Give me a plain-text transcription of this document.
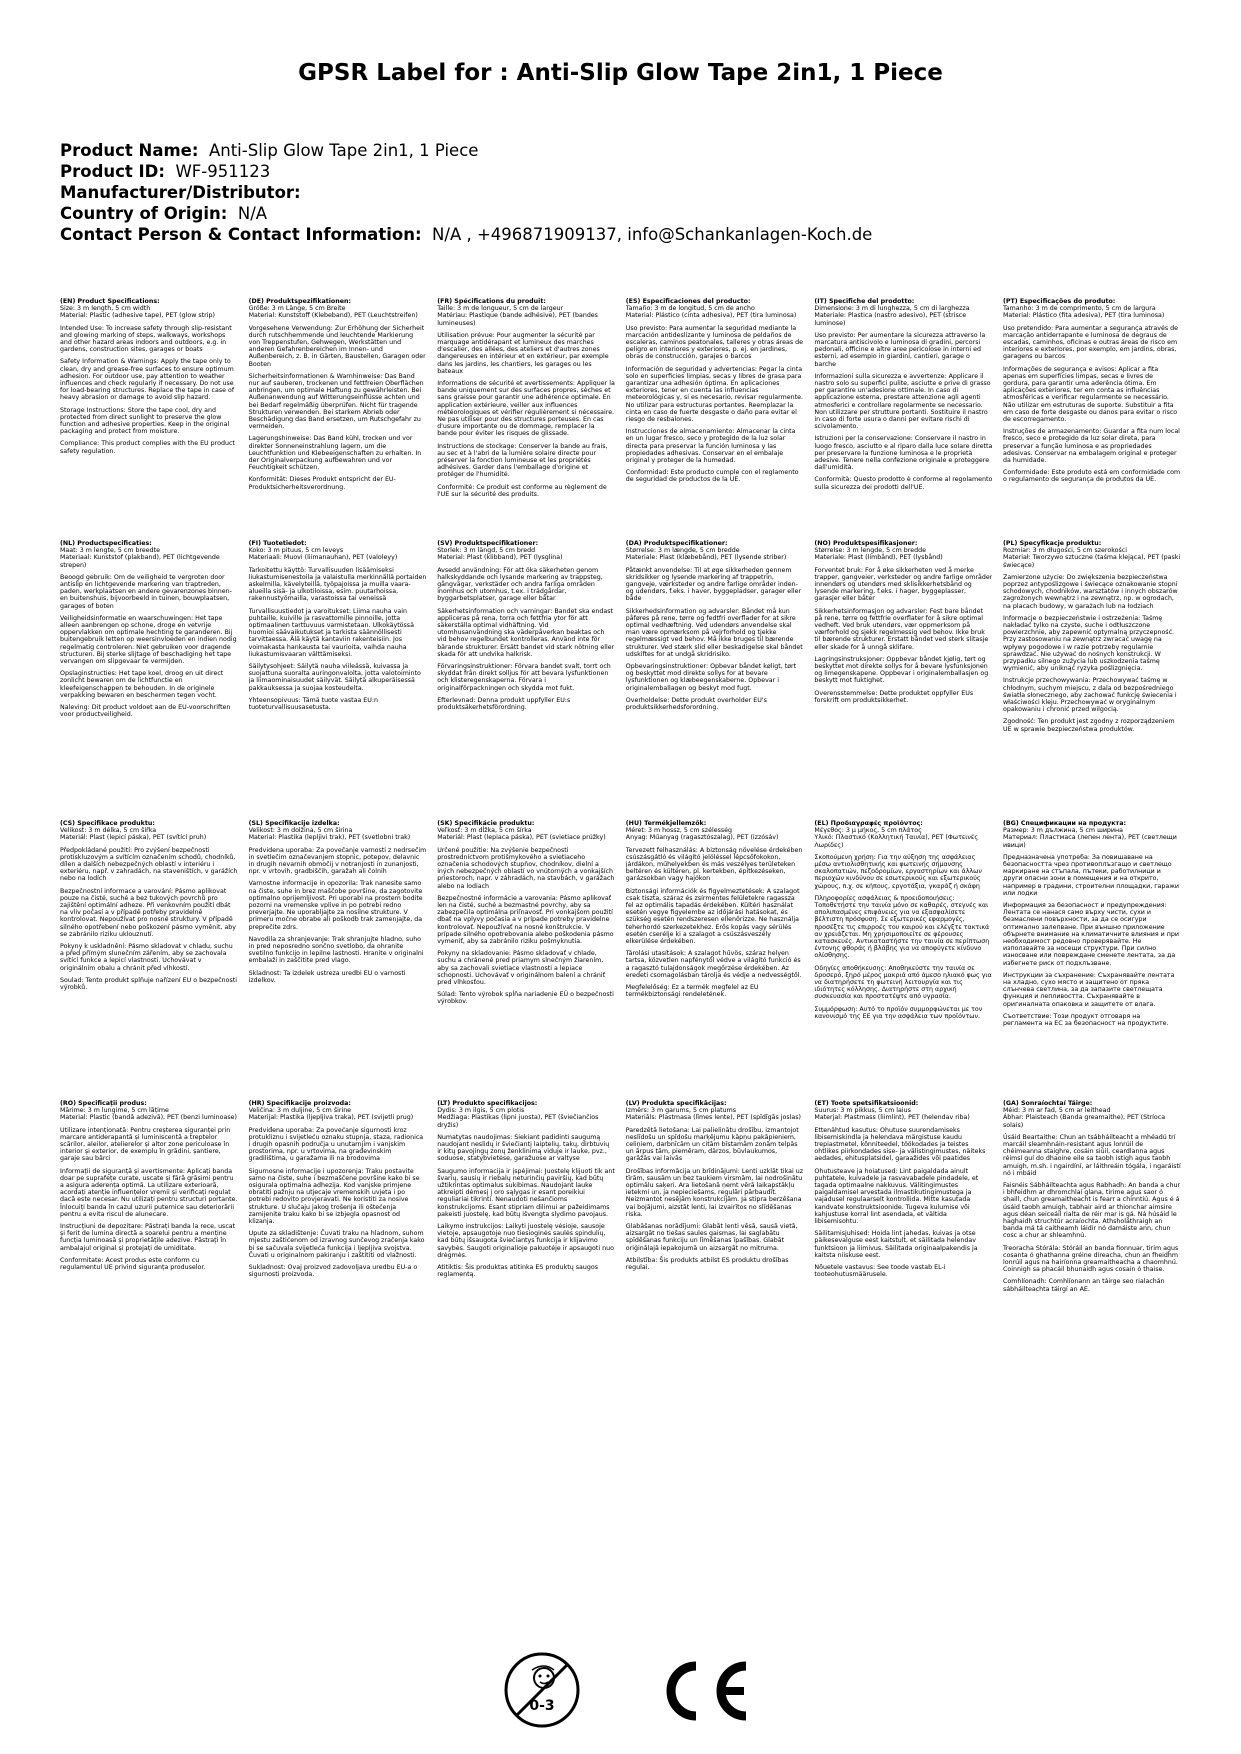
GPSR Label for : Anti-Slip Glow Tape 2in1, 1 Piece
Product Name: Anti-Slip Glow Tape 2in1, 1 Piece
Product ID: WF-951123
Manufacturer/Distributor:
Country of Origin: N/A
Contact Person & Contact Information: N/A , +496871909137, info@Schankanlagen-Koch.de

(EN) Product Specifications:

Size: 3 m length, 5 cm width

Material: Plastic (adhesive tape), PET (glow strip)

Intended Use: To increase safety through slip-resistant and glowing marking of steps, walkways, workshops and other hazard areas indoors and outdoors, e.g. in gardens, construction sites, garages or boats

Safety Information & Warnings: Apply the tape only to clean, dry and grease-free surfaces to ensure optimum adhesion. For outdoor use, pay attention to weather influences and check regularly if necessary. Do not use for load-bearing structures. Replace the tape in case of heavy abrasion or damage to avoid slip hazard.

Storage Instructions: Store the tape cool, dry and protected from direct sunlight to preserve the glow function and adhesive properties. Keep in the original packaging and protect from moisture.

Compliance: This product complies with the EU product safety regulation.

(DE) Produktspezifikationen:

Größe: 3 m Länge, 5 cm Breite

Material: Kunststoff (Klebeband), PET (Leuchtstreifen)

Vorgesehene Verwendung: Zur Erhöhung der Sicherheit durch rutschhemmende und leuchtende Markierung von Treppenstufen, Gehwegen, Werkstätten und anderen Gefahrenbereichen im Innen- und Außenbereich, z. B. in Gärten, Baustellen, Garagen oder Booten

Sicherheitsinformationen & Warnhinweise: Das Band nur auf sauberen, trockenen und fettfreien Oberflächen anbringen, um optimale Haftung zu gewährleisten. Bei Außenanwendung auf Witterungseinflüsse achten und bei Bedarf regelmäßig überprüfen. Nicht für tragende Strukturen verwenden. Bei starkem Abrieb oder Beschädigung das Band ersetzen, um Rutschgefahr zu vermeiden.

Lagerungshinweise: Das Band kühl, trocken und vor direkter Sonneneinstrahlung lagern, um die Leuchtfunktion und Klebeeigenschaften zu erhalten. In der Originalverpackung aufbewahren und vor Feuchtigkeit schützen.

Konformität: Dieses Produkt entspricht der EU-Produktsicherheitsverordnung.

(FR) Spécifications du produit:

Taille: 3 m de longueur, 5 cm de largeur

Matériau: Plastique (bande adhésive), PET (bandes lumineuses)

Utilisation prévue: Pour augmenter la sécurité par marquage antidérapant et lumineux des marches d'escalier, des allées, des ateliers et d'autres zones dangereuses en intérieur et en extérieur, par exemple dans les jardins, les chantiers, les garages ou les bateaux

Informations de sécurité et avertissements: Appliquer la bande uniquement sur des surfaces propres, sèches et sans graisse pour garantir une adhérence optimale. En application extérieure, veiller aux influences météorologiques et vérifier régulièrement si nécessaire. Ne pas utiliser pour des structures porteuses. En cas d'usure importante ou de dommage, remplacer la bande pour éviter les risques de glissade.

Instructions de stockage: Conserver la bande au frais, au sec et à l'abri de la lumière solaire directe pour préserver la fonction lumineuse et les propriétés adhésives. Garder dans l'emballage d'origine et protéger de l'humidité.

Conformité: Ce produit est conforme au règlement de l'UE sur la sécurité des produits.

(ES) Especificaciones del producto:

Tamaño: 3 m de longitud, 5 cm de ancho

Material: Plástico (cinta adhesiva), PET (tira luminosa)

Uso previsto: Para aumentar la seguridad mediante la marcación antideslizante y luminosa de peldaños de escaleras, caminos peatonales, talleres y otras áreas de peligro en interiores y exteriores, p. ej. en jardines, obras de construcción, garajes o barcos

Información de seguridad y advertencias: Pegar la cinta solo en superficies limpias, secas y libres de grasa para garantizar una adhesión óptima. En aplicaciones exteriores, tener en cuenta las influencias meteorológicas y, si es necesario, revisar regularmente. No utilizar para estructuras portantes. Reemplazar la cinta en caso de fuerte desgaste o daño para evitar el riesgo de resbalones.

Instrucciones de almacenamiento: Almacenar la cinta en un lugar fresco, seco y protegido de la luz solar directa para preservar la función luminosa y las propiedades adhesivas. Conservar en el embalaje original y proteger de la humedad.

Conformidad: Este producto cumple con el reglamento de seguridad de productos de la UE.

(IT) Specifiche del prodotto:

Dimensione: 3 m di lunghezza, 5 cm di larghezza

Materiale: Plastica (nastro adesivo), PET (strisce luminose)

Uso previsto: Per aumentare la sicurezza attraverso la marcatura antiscivolo e luminosa di gradini, percorsi pedonali, officine e altre aree pericolose in interni ed esterni, ad esempio in giardini, cantieri, garage o barche

Informazioni sulla sicurezza e avvertenze: Applicare il nastro solo su superfici pulite, asciutte e prive di grasso per garantire un'adesione ottimale. In caso di applicazione esterna, prestare attenzione agli agenti atmosferici e controllare regolarmente se necessario. Non utilizzare per strutture portanti. Sostituire il nastro in caso di forte usura o danni per evitare rischi di scivolamento.

Istruzioni per la conservazione: Conservare il nastro in luogo fresco, asciutto e al riparo dalla luce solare diretta per preservare la funzione luminosa e le proprietà adesive. Tenere nella confezione originale e proteggere dall'umidità.

Conformità: Questo prodotto è conforme al regolamento sulla sicurezza dei prodotti dell'UE.

(PT) Especificações do produto:

Tamanho: 3 m de comprimento, 5 cm de largura

Material: Plástico (fita adesiva), PET (tira luminosa)

Uso pretendido: Para aumentar a segurança através de marcação antiderrapante e luminosa de degraus de escadas, caminhos, oficinas e outras áreas de risco em interiores e exteriores, por exemplo, em jardins, obras, garagens ou barcos

Informações de segurança e avisos: Aplicar a fita apenas em superfícies limpas, secas e livres de gordura, para garantir uma aderência ótima. Em aplicações exteriores, ter em conta as influências atmosféricas e verificar regularmente se necessário. Não utilizar em estruturas de suporte. Substituir a fita em caso de forte desgaste ou danos para evitar o risco de escorregamento.

Instruções de armazenamento: Guardar a fita num local fresco, seco e protegido da luz solar direta, para preservar a função luminosa e as propriedades adesivas. Conservar na embalagem original e proteger da humidade.

Conformidade: Este produto está em conformidade com o regulamento de segurança de produtos da UE.

(NL) Productspecificaties:

Maat: 3 m lengte, 5 cm breedte

Materiaal: Kunststof (plakband), PET (lichtgevende strepen)

Beoogd gebruik: Om de veiligheid te vergroten door antislip en lichtgevende markering van traptreden, paden, werkplaatsen en andere gevarenzones binnen- en buitenshuis, bijvoorbeeld in tuinen, bouwplaatsen, garages of boten

Veiligheidsinformatie en waarschuwingen: Het tape alleen aanbrengen op schone, droge en vetvrije oppervlakken om optimale hechting te garanderen. Bij buitengebruik letten op weersinvloeden en indien nodig regelmatig controleren. Niet gebruiken voor dragende structuren. Bij sterke slijtage of beschadiging het tape vervangen om slipgevaar te vermijden.

Opslaginstructies: Het tape koel, droog en uit direct zonlicht bewaren om de lichtfunctie en kleefeigenschappen te behouden. In de originele verpakking bewaren en beschermen tegen vocht.

Naleving: Dit product voldoet aan de EU-voorschriften voor productveiligheid.

(FI) Tuotetiedot:

Koko: 3 m pituus, 5 cm leveys

Materiaali: Muovi (liimanauhan), PET (valoleyy)

Tarkoitettu käyttö: Turvallisuuden lisäämiseksi liukastumisenestoila ja valaistulla merkinnällä portaiden askelmilla, kävelyteillä, työpajoissa ja muilla vaara-alueilla sisä- ja ulkotiloissa, esim. puutarhoissa, rakennustyömailla, varastoissa tai veneissä

Turvallisuustiedot ja varoitukset: Liima nauha vain puhtaille, kuiville ja rasvattomille pinnoille, jotta optimaalinen tarttuvuus varmistetaan. Ulkokäytössä huomioi säävaikutukset ja tarkista säännöllisesti tarvittaessa. Älä käytä kantaviin rakenteisiin. Jos voimakasta hankausta tai vaurioita, vaihda nauha liukastumisvaaran välttämiseksi.

Säilytysohjeet: Säilytä nauha viileässä, kuivassa ja suojattuna suoralta auringonvalolta, jotta valotoiminto ja liimaominaisuudet säilyvät. Säilytä alkuperäisessä pakkauksessa ja suojaa kosteudelta.

Yhteensopivuus: Tämä tuote vastaa EU:n tuoteturvallisuusasetusta.

(SV) Produktspecifikationer:

Storlek: 3 m längd, 5 cm bredd

Material: Plast (klibband), PET (lysglina)

Avsedd användning: För att öka säkerheten genom halkskyddande och lysande markering av trappsteg, gångvägar, verkstäder och andra farliga områden inomhus och utomhus, t.ex. i trädgårdar, byggarbetsplatser, garage eller båtar

Säkerhetsinformation och varningar: Bandet ska endast appliceras på rena, torra och fettfria ytor för att säkerställa optimal vidhäftning. Vid utomhusanvändning ska väderpåverkan beaktas och vid behov regelbundet kontrolleras. Använd inte för bärande strukturer. Ersätt bandet vid stark nötning eller skada för att undvika halkrisk.

Förvaringsinstruktioner: Förvara bandet svalt, torrt och skyddat från direkt solljus för att bevara lysfunktionen och klisteregenskaperna. Förvara i originalförpackningen och skydda mot fukt.

Efterlevnad: Denna produkt uppfyller EU:s produktsäkerhetsförordning.

(DA) Produktspecifikationer:

Størrelse: 3 m længde, 5 cm bredde

Materiale: Plast (klæbebånd), PET (lysende striber)

Påtænkt anvendelse: Til at øge sikkerheden gennem skridsikker og lysende markering af trappetrin, gangveje, værksteder og andre farlige områder inden- og udendørs, f.eks. i haver, byggepladser, garager eller både

Sikkerhedsinformation og advarsler: Båndet må kun påføres på rene, tørre og fedtfri overflader for at sikre optimal vedhæftning. Ved udendørs anvendelse skal man være opmærksom på vejrforhold og tjekke regelmæssigt ved behov. Må ikke bruges til bærende strukturer. Ved stærk slid eller beskadigelse skal båndet udskiftes for at undgå skridrisiko.

Opbevaringsinstruktioner: Opbevar båndet køligt, tørt og beskyttet mod direkte sollys for at bevare lysfunktionen og klæbeegenskaberne. Opbevar i originalemballagen og beskyt mod fugt.

Overholdelse: Dette produkt overholder EU's produktsikkerhedsforordning.

(NO) Produktspesifikasjoner:

Størrelse: 3 m lengde, 5 cm bredde

Materiale: Plast (limbånd), PET (lysbånd)

Forventet bruk: For å øke sikkerheten ved å merke trapper, gangveier, verksteder og andre farlige områder innendørs og utendørs med sklisikkerhetsbånd og lysende markering, f.eks. i hager, byggeplasser, garasjer eller båter

Sikkerhetsinformasjon og advarsler: Fest bare båndet på rene, tørre og fettfrie overflater for å sikre optimal vedheft. Ved bruk utendørs, vær oppmerksom på værforhold og sjekk regelmessig ved behov. Ikke bruk til bærende strukturer. Erstatt båndet ved sterk slitasje eller skade for å unngå sklifare.

Lagringsinstruksjoner: Oppbevar båndet kjølig, tørt og beskyttet mot direkte sollys for å bevare lysfunksjonen og limegenskapene. Oppbevar i originalemballasjen og beskytt mot fuktighet.

Overensstemmelse: Dette produktet oppfyller EUs forskrift om produktsikkerhet.

(PL) Specyfikacje produktu:

Rozmiar: 3 m długości, 5 cm szerokości

Materiał: Tworzywo sztuczne (taśma klejąca), PET (paski świecące)

Zamierzone użycie: Do zwiększenia bezpieczeństwa poprzez antypoślizgowe i świecące oznakowanie stopni schodowych, chodników, warsztatów i innych obszarów zagrożonych wewnątrz i na zewnątrz, np. w ogrodach, na placach budowy, w garażach lub na łodziach

Informacje o bezpieczeństwie i ostrzeżenia: Taśmę nakładać tylko na czyste, suche i odtłuszczone powierzchnie, aby zapewnić optymalną przyczepność. Przy zastosowaniu na zewnątrz zwracać uwagę na wpływy pogodowe i w razie potrzeby regularnie sprawdzać. Nie używać do nośnych konstrukcji. W przypadku silnego zużycia lub uszkodzenia taśmę wymienić, aby uniknąć ryzyka poślizgnięcia.

Instrukcje przechowywania: Przechowywać taśmę w chłodnym, suchym miejscu, z dala od bezpośredniego światła słonecznego, aby zachować funkcję świecenia i właściwości kleju. Przechowywać w oryginalnym opakowaniu i chronić przed wilgocią.

Zgodność: Ten produkt jest zgodny z rozporządzeniem UE w sprawie bezpieczeństwa produktów.

(CS) Specifikace produktu:

Velikost: 3 m délka, 5 cm šířka

Materiál: Plast (lepicí páska), PET (svítící pruh)

Předpokládané použití: Pro zvýšení bezpečnosti protiskluzovým a svítícím označením schodů, chodníků, dílen a dalších nebezpečných oblastí v interiéru i exteriéru, např. v zahradách, na staveništích, v garážích nebo na lodích

Bezpečnostní informace a varování: Pásmo aplikovat pouze na čisté, suché a bez tukových povrchů pro zajištění optimální adheze. Při venkovním použití dbát na vliv počasí a v případě potřeby pravidelně kontrolovat. Nepoužívat pro nosné struktury. V případě silného opotřebení nebo poškození pásmo vyměnit, aby se zabránilo riziku uklouznutí.

Pokyny k uskladnění: Pásmo skladovat v chladu, suchu a před přímým slunečním zářením, aby se zachovala svítící funkce a lepicí vlastnosti. Uchovávat v originálním obalu a chránit před vlhkostí.

Soulad: Tento produkt splňuje nařízení EU o bezpečnosti výrobků.

(SL) Specifikacije izdelka:

Velikost: 3 m dolžina, 5 cm širina

Material: Plastika (lepljivi trak), PET (svetlobni trak)

Predvidena uporaba: Za povečanje varnosti z nedrsečim in svetlečim označevanjem stopnic, potepov, delavnic in drugih nevarnih območij v notranjosti in zunanjosti, npr. v vrtovih, gradbiščih, garažah ali čolnih

Varnostne informacije in opozorila: Trak nanesite samo na čiste, suhe in brez maščobe površine, da zagotovite optimalno oprijemljivost. Pri uporabi na prostem bodite pozorni na vremenske vplive in po potrebi redno preverjajte. Ne uporabljajte za nosilne strukture. V primeru močne obrabe ali poškodb trak zamenjajte, da preprečite zdrs.

Navodila za shranjevanje: Trak shranjujte hladno, suho in pred neposredno sončno svetlobo, da ohranite svetilno funkcijo in lepilne lastnosti. Hranite v originalni embalaži in zaščitite pred vlago.

Skladnost: Ta izdelek ustreza uredbi EU o varnosti izdelkov.

(SK) Špecifikácie produktu:

Veľkosť: 3 m dĺžka, 5 cm šírka

Materiál: Plast (lepiaca páska), PET (svietiace prúžky)

Určené použitie: Na zvýšenie bezpečnosti prostredníctvom protišmykového a svietiaceho označenia schodových stupňov, chodníkov, dielní a iných nebezpečných oblastí vo vnútorných a vonkajších priestoroch, napr. v záhradách, na stavbách, v garážach alebo na lodiach

Bezpečnostné informácie a varovania: Pásmo aplikovať len na čisté, suché a bezmastné povrchy, aby sa zabezpečila optimálna priľnavosť. Pri vonkajšom použití dbať na vplyvy počasia a v prípade potreby pravidelne kontrolovať. Nepoužívať na nosné konštrukcie. V prípade silného opotrebovania alebo poškodenia pásmo vymeniť, aby sa zabránilo riziku pošmyknutia.

Pokyny na skladovanie: Pásmo skladovať v chlade, suchu a chránené pred priamym slnečným žiarením, aby sa zachovali svietiace vlastnosti a lepiace schopnosti. Uchovávať v originálnom balení a chrániť pred vlhkosťou.

Súlad: Tento výrobok spĺňa nariadenie EÚ o bezpečnosti výrobkov.

(HU) Termékjellemzők:

Méret: 3 m hossz, 5 cm szélesség

Anyag: Műanyag (ragasztószalag), PET (izzósáv)

Tervezett felhasználás: A biztonság növelése érdekében csúszásgátló és világító jelöléssel lépcsőfokokon, járdákon, műhelyekben és más veszélyes területeken beltéren és kültéren, pl. kertekben, építkezéseken, garázsokban vagy hajókon

Biztonsági információk és figyelmeztetések: A szalagot csak tiszta, száraz és zsírmentes felületekre ragassza fel az optimális tapadás érdekében. Kültéri használat esetén vegye figyelembe az időjárási hatásokat, és szükség esetén rendszeresen ellenőrizze. Ne használja teherhordó szerkezetekhez. Erős kopás vagy sérülés esetén cserélje ki a szalagot a csúszásveszély elkerülése érdekében.

Tárolási utasítások: A szalagot hűvös, száraz helyen tartsa, közvetlen napfénytől védve a világító funkció és a ragasztó tulajdonságok megőrzése érdekében. Az eredeti csomagolásban tárolja és védje a nedvességtől.

Megfelelőség: Ez a termék megfelel az EU termékbiztonsági rendeletének.

(EL) Προδιαγραφές προϊόντος:

Μέγεθος: 3 μ μήκος, 5 cm πλάτος

Υλικό: Πλαστικό (Κολλητική Ταινία), PET (Φωτεινές Λωρίδες)

Σκοπούμενη χρήση: Για την αύξηση της ασφάλειας μέσω αντιολισθητικής και φωτεινής σήμανσης σκαλοπατιών, πεζοδρομίων, εργαστηρίων και άλλων περιοχών κινδύνου σε εσωτερικούς και εξωτερικούς χώρους, π.χ. σε κήπους, εργοτάξια, γκαράζ ή σκάφη

Πληροφορίες ασφάλειας & προειδοποιήσεις: Τοποθετήστε την ταινία μόνο σε καθαρές, στεγνές και απολιπασμένες επιφάνειες για να εξασφαλίσετε βέλτιστη πρόσφυση. Σε εξωτερικές εφαρμογές, προσέξτε τις επιρροές του καιρού και ελέγξτε τακτικά αν χρειάζεται. Μη χρησιμοποιείτε σε φέρουσες κατασκευές. Αντικαταστήστε την ταινία σε περίπτωση έντονης φθοράς ή βλάβης για να αποφύγετε κίνδυνο ολίσθησης.

Οδηγίες αποθήκευσης: Αποθηκεύστε την ταινία σε δροσερό, ξηρό μέρος μακριά από άμεσο ηλιακό φως για να διατηρήσετε τη φωτεινή λειτουργία και τις ιδιότητες κόλλησης. Διατηρήστε στη αρχική συσκευασία και προστατέψτε από υγρασία.

Συμμόρφωση: Αυτό το προϊόν συμμορφώνεται με τον κανονισμό της ΕΕ για την ασφάλεια των προϊόντων.

(BG) Спецификации на продукта:

Размер: 3 m дължина, 5 cm ширина

Материал: Пластмаса (лепен лента), PET (светлещи ивици)

Предназначена употреба: За повишаване на безопасността чрез противоплъзгащо и светлещо маркиране на стъпала, пътеки, работилници и други опасни зони в помещения и на открито, например в градини, строителни площадки, гаражи или лодки

Информация за безопасност и предупреждения: Лентата се нанася само върху чисти, сухи и безмаслени повърхности, за да се осигури оптимално залепване. При външно приложение обърнете внимание на климатичните влияния и при необходимост редовно проверявайте. Не използвайте за носещи структури. При силно износване или повреждане сменете лентата, за да избегнете риск от подхлъзване.

Инструкции за съхранение: Съхранявайте лентата на хладно, сухо място и защитено от пряка слънчева светлина, за да запазите светлещата функция и лепливостта. Съхранявайте в оригиналната опаковка и защитете от влага.

Съответствие: Този продукт отговаря на регламента на ЕС за безопасност на продуктите.

(RO) Specificații produs:

Mărime: 3 m lungime, 5 cm lățime

Material: Plastic (bandă adezivă), PET (benzi luminoase)

Utilizare intenționată: Pentru creșterea siguranței prin marcare antiderapantă și luminiscentă a treptelor scărilor, aleilor, atelierelor și altor zone periculoase în interior și exterior, de exemplu în grădini, șantiere, garaje sau bărci

Informații de siguranță și avertismente: Aplicați banda doar pe suprafețe curate, uscate și fără grăsimi pentru a asigura aderența optimă. La utilizare exterioară, acordați atenție influențelor vremii și verificați regulat dacă este necesar. Nu utilizați pentru structuri portante. Înlocuiți banda în cazul uzurii puternice sau deteriorării pentru a evita riscul de alunecare.

Instrucțiuni de depozitare: Păstrați banda la rece, uscat și ferit de lumina directă a soarelui pentru a menține funcția luminoasă și proprietățile adezive. Păstrați în ambalajul original și protejați de umiditate.

Conformitate: Acest produs este conform cu regulamentul UE privind siguranța produselor.

(HR) Specifikacije proizvoda:

Veličina: 3 m duljine, 5 cm širine

Materijal: Plastika (ljepljiva traka), PET (svijetli prug)

Predviđena uporaba: Za povećanje sigurnosti kroz protukliznu i svijetleću oznaku stupnja, staza, radionica i drugih opasnih područja u unutarnjim i vanjskim prostorima, npr. u vrtovima, na građevinskim gradilištima, u garažama ili na brodovima

Sigurnosne informacije i upozorenja: Traku postavite samo na čiste, suhe i bezmaščene površine kako bi se osigurala optimalna adhezija. Kod vanjske primjene obratiti pažnju na utjecaje vremenskih uvjeta i po potrebi redovito provjeravati. Ne koristiti za nosive strukture. U slučaju jakog trošenja ili oštećenja zamijenite traku kako bi se izbjegla opasnost od klizanja.

Upute za skladištenje: Čuvati traku na hladnom, suhom mjestu zaštićenom od izravnog sunčevog zračenja kako bi se sačuvala svijetleća funkcija i ljepljiva svojstva. Čuvati u originalnom pakiranju i zaštititi od vlažnosti.

Sukladnost: Ovaj proizvod zadovoljava uredbu EU-a o sigurnosti proizvoda.

(LT) Produkto specifikacijos:

Dydis: 3 m ilgis, 5 cm plotis

Medžiaga: Plastikas (lipni juosta), PET (šviečiančios dryžis)

Numatytas naudojimas: Siekiant padidinti saugumą naudojant neslidų ir šviečiantį laiptelių, takų, dirbtuvių ir kitų pavojingų zonų ženklinimą viduje ir lauke, pvz., soduose, statybvietėse, garažuose ar valtyse

Saugumo informacija ir įspėjimai: Juostelę klijuoti tik ant švarių, sausių ir riebalų neturinčių paviršių, kad būtų užtikrintas optimalus sukibimas. Naudojant lauke atkreipti dėmesį į oro sąlygas ir esant poreikiui reguliariai tikrinti. Nenaudoti nešančioms konstrukcijoms. Esant stipriam dilimui ar pažeidimams pakeisti juostelę, kad būtų išvengta slydimo pavojaus.

Laikymo instrukcijos: Laikyti juostelę vėsioje, sausoje vietoje, apsaugotoje nuo tiesioginės saulės spindulių, kad būtų išsaugota šviečiantys funkcija ir klijavimo savybės. Saugoti originalioje pakuotėje ir apsaugoti nuo drėgmės.

Atitiktis: Šis produktas atitinka ES produktų saugos reglamentą.

(LV) Produkta specifikācijas:

Izmērs: 3 m garums, 5 cm platums

Materiāls: Plastmasa (līmes lente), PET (spīdīgās joslas)

Paredzētā lietošana: Lai palielinātu drošību, izmantojot neslīdošu un spīdošu marķējumu kāpņu pakāpieniem, celiņiem, darbnīcām un citām bīstamām zonām telpās un ārpus tām, piemēram, dārzos, būvlaukumos, garāžās vai laivās

Drošības informācija un brīdinājumi: Lenti uzklāt tikai uz tīrām, sausām un bez taukiem virsmām, lai nodrošinātu optimālu saķeri. Ara lietošanā ņemt vērā laikapstākļu ietekmi un, ja nepieciešams, regulāri pārbaudīt. Neizmantot nesējām konstrukcijām. Ja stipra berzēšana vai bojājumi, aizstāt lenti, lai izvairītos no slīdēšanas riska.

Glabāšanas norādījumi: Glabāt lenti vēsā, sausā vietā, aizsargāt no tiešas saules gaismas, lai saglabātu spīdēšanas funkciju un līmēšanas īpašības. Glabāt oriģinālajā iepakojumā un aizsargāt no mitruma.

Atbilstība: Šis produkts atbilst ES produktu drošības regulai.

(ET) Toote spetsifikatsioonid:

Suurus: 3 m pikkus, 5 cm laius

Materjal: Plastmass (liimlint), PET (helendav riba)

Ettenähtud kasutus: Ohutuse suurendamiseks libisemiskindla ja helendava märgistuse kaudu trepiastmetel, kõnniteedel, töökodades ja teistes ohtlikes piirkondades sise- ja välistingimustes, näiteks aedades, ehitusplatsidel, garaažides või paatides

Ohutusteave ja hoiatused: Lint paigaldada ainult puhtatele, kuivadele ja rasvavabadele pindadele, et tagada optimaalne nakkuvus. Välitingimustes paigaldamisel arvestada ilmastikutingimustega ja vajadusel regulaarselt kontrollida. Mitte kasutada kandvate konstruktsioonide. Tugeva kulumise või kahjustuse korral lint asendada, et vältida libisemisohtu.

Säilitamisjuhised: Hoida lint jahedas, kuivas ja otse päikesevalguse eest kaitstult, et säilitada helendav funktsioon ja liimivus. Säilitada originaalpakendis ja kaitsta niiskuse eest.

Nõuetele vastavus: See toode vastab EL-i tooteohutusmäärusele.

(GA) Sonraíochtaí Táirge:

Méid: 3 m ar fad, 5 cm ar leithead

Ábhar: Plaisteach (Banda greamaithe), PET (Stríoca solais)

Úsáid Beartaithe: Chun an tsábháilteacht a mhéadú trí marcáil sleamhnáin-resistant agus lonrúil de chéimeanna staighre, cosáin siúil, ceardlanna agus réimsí guí do dhaoine eile sa taobh istigh agus taobh amuigh, m.sh. i ngairdíní, ar láithreáin tógála, i ngaráistí nó i mbáid

Faisnéis Sábháilteachta agus Rabhadh: An banda a chur i bhfeidhm ar dhromchlaí glana, tirime agus saor ó shaill, chun greamaitheacht is fearr a chinntiú. Agus é á úsáid taobh amuigh, tabhair aird ar thionchar aimsire agus déan seiceáil rialta de réir mar is gá. Ná húsáid le haghaidh struchtúr acraíochta. Athsholáthraigh an banda má tá caitheamh láidir nó damáiste ann, chun cosc a chur ar shleamhnú.

Treoracha Stórála: Stóráil an banda fionnuar, tirim agus cosanta ó ghathanna gréine díreacha, chun an fheidhm lonrúil agus na hairíonna greamaitheacha a chaomhnú. Coinnigh sa phacáil bhunaidh agus cosain ó thaise.

Comhlíonadh: Comhlíonann an táirge seo rialachán sábháilteachta táirgí an AE.

0-3
